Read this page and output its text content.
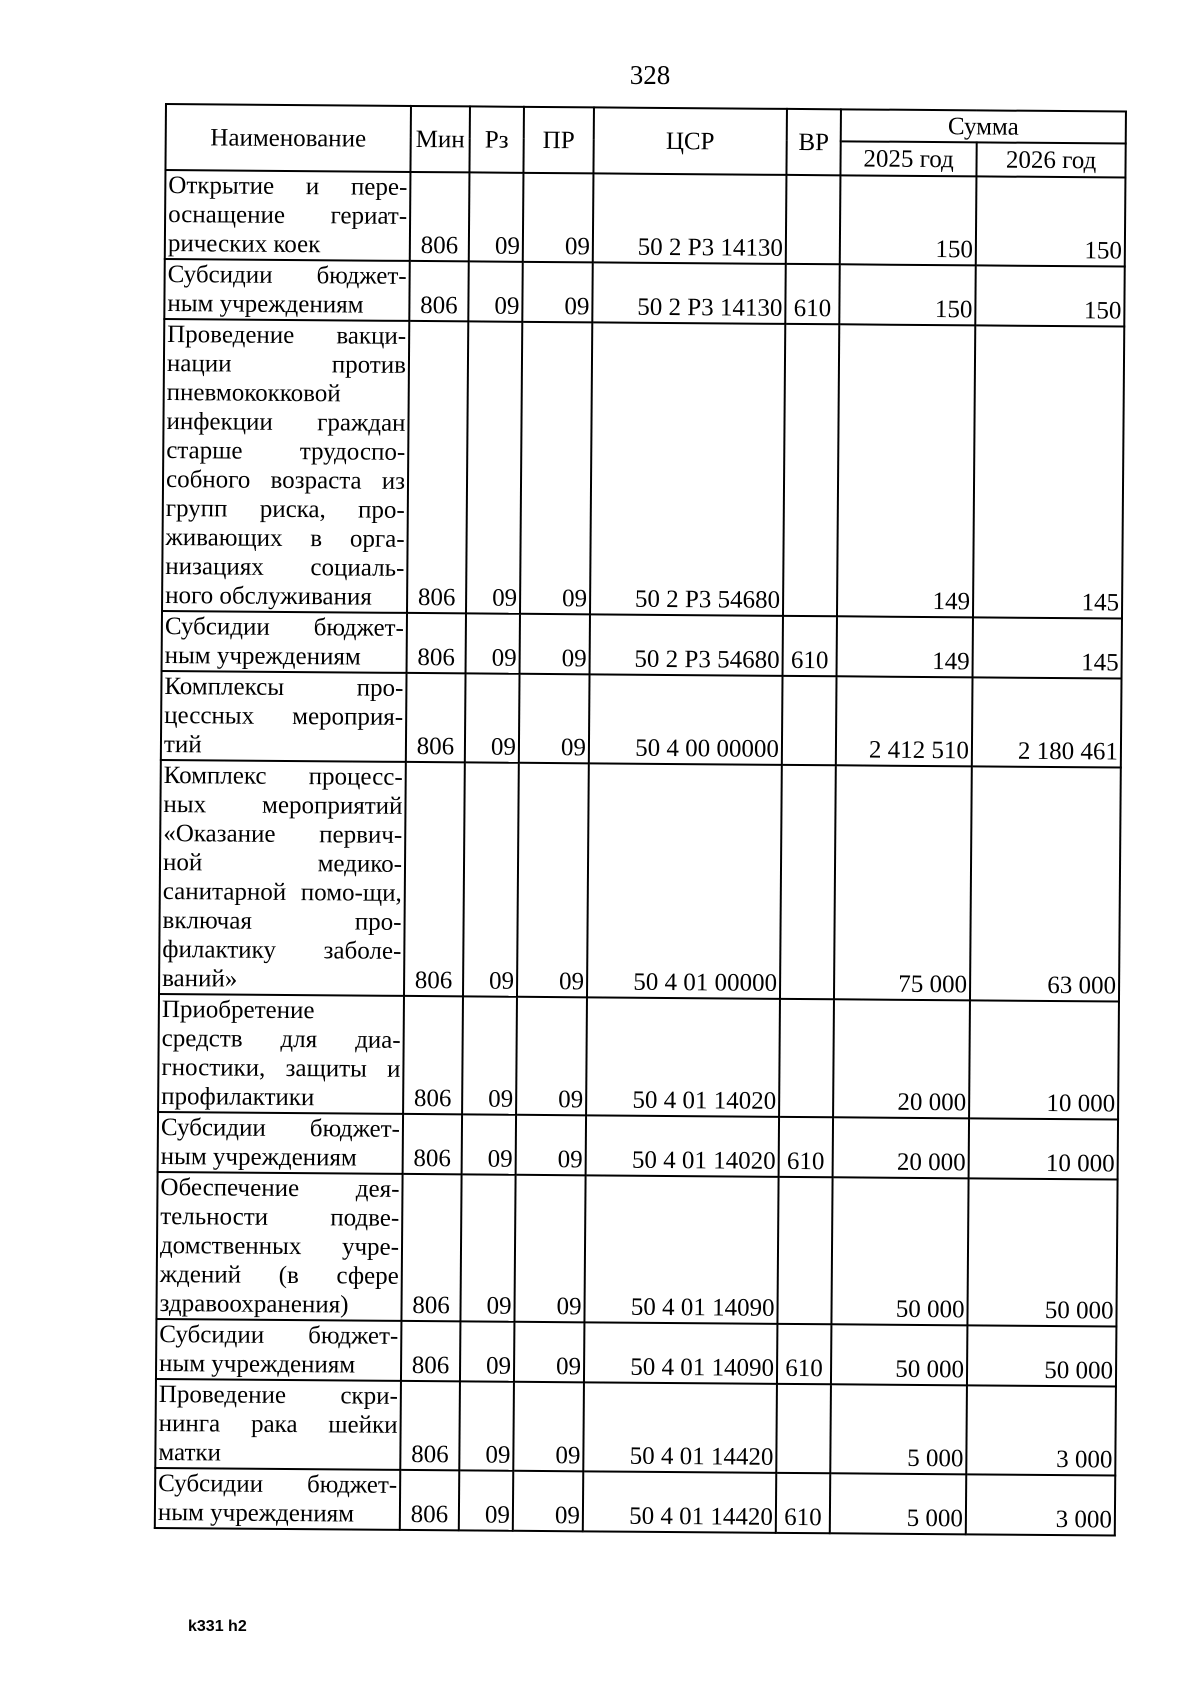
328
Наименование	Мин	Рз	ПР	ЦСР	ВР	Сумма	
						2025 год	2026 год
Открытие и пере-оснащение гериат-рических коек	806	09	09	50 2 Р3 14130		150	150
Субсидии бюджет-ным учреждениям	806	09	09	50 2 Р3 14130	610	150	150
Проведение вакци-нации против пневмококковой инфекции граждан старше трудоспо-собного возраста из групп риска, про-живающих в орга-низациях социаль-ного обслуживания	806	09	09	50 2 Р3 54680		149	145
Субсидии бюджет-ным учреждениям	806	09	09	50 2 Р3 54680	610	149	145
Комплексы про-цессных мероприя-тий	806	09	09	50 4 00 00000		2 412 510	2 180 461
Комплекс процесс-ных мероприятий «Оказание первич-ной медико-санитарной помо-щи, включая про-филактику заболе-ваний»	806	09	09	50 4 01 00000		75 000	63 000
Приобретение средств для диа-гностики, защиты и профилактики	806	09	09	50 4 01 14020		20 000	10 000
Субсидии бюджет-ным учреждениям	806	09	09	50 4 01 14020	610	20 000	10 000
Обеспечение дея-тельности подве-домственных учре-ждений (в сфере здравоохранения)	806	09	09	50 4 01 14090		50 000	50 000
Субсидии бюджет-ным учреждениям	806	09	09	50 4 01 14090	610	50 000	50 000
Проведение скри-нинга рака шейки матки	806	09	09	50 4 01 14420		5 000	3 000
Субсидии бюджет-ным учреждениям	806	09	09	50 4 01 14420	610	5 000	3 000
k331 h2
